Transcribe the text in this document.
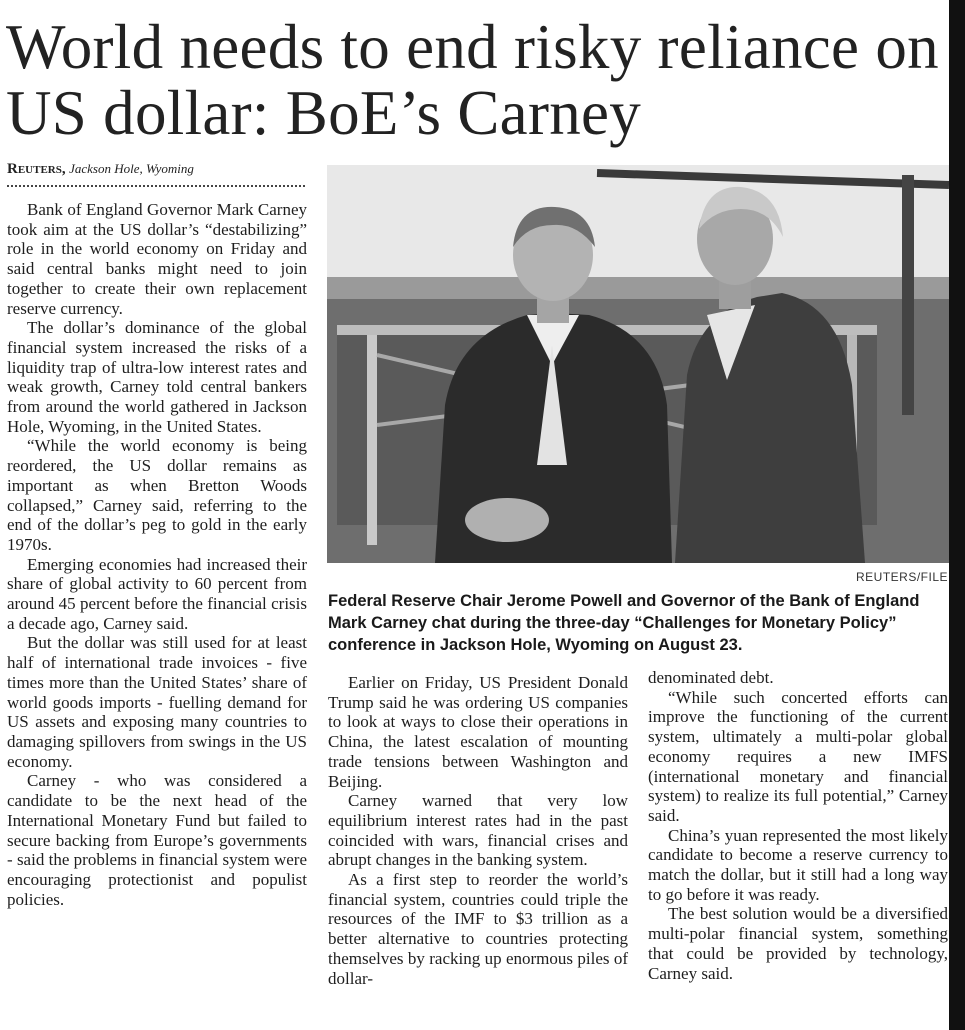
World needs to end risky reliance on US dollar: BoE’s Carney
Reuters, Jackson Hole, Wyoming

Bank of England Governor Mark Carney took aim at the US dollar’s “destabilizing” role in the world economy on Friday and said central banks might need to join together to create their own replacement reserve currency.

The dollar’s dominance of the global financial system increased the risks of a liquidity trap of ultra-low interest rates and weak growth, Carney told central bankers from around the world gathered in Jackson Hole, Wyoming, in the United States.

“While the world economy is being reordered, the US dollar remains as important as when Bretton Woods collapsed,” Carney said, referring to the end of the dollar’s peg to gold in the early 1970s.

Emerging economies had increased their share of global activity to 60 percent from around 45 percent before the financial crisis a decade ago, Carney said.

But the dollar was still used for at least half of international trade invoices - five times more than the United States’ share of world goods imports - fuelling demand for US assets and exposing many countries to damaging spillovers from swings in the US economy.

Carney - who was considered a candidate to be the next head of the International Monetary Fund but failed to secure backing from Europe’s governments - said the problems in financial system were encouraging protectionist and populist policies.

REUTERS/FILE

Federal Reserve Chair Jerome Powell and Governor of the Bank of England Mark Carney chat during the three-day “Challenges for Monetary Policy” conference in Jackson Hole, Wyoming on August 23.

Earlier on Friday, US President Donald Trump said he was ordering US companies to look at ways to close their operations in China, the latest escalation of mounting trade tensions between Washington and Beijing.

Carney warned that very low equilibrium interest rates had in the past coincided with wars, financial crises and abrupt changes in the banking system.

As a first step to reorder the world’s financial system, countries could triple the resources of the IMF to $3 trillion as a better alternative to countries protecting themselves by racking up enormous piles of dollar-

denominated debt.

“While such concerted efforts can improve the functioning of the current system, ultimately a multi-polar global economy requires a new IMFS (international monetary and financial system) to realize its full potential,” Carney said.

China’s yuan represented the most likely candidate to become a reserve currency to match the dollar, but it still had a long way to go before it was ready.

The best solution would be a diversified multi-polar financial system, something that could be provided by technology, Carney said.
